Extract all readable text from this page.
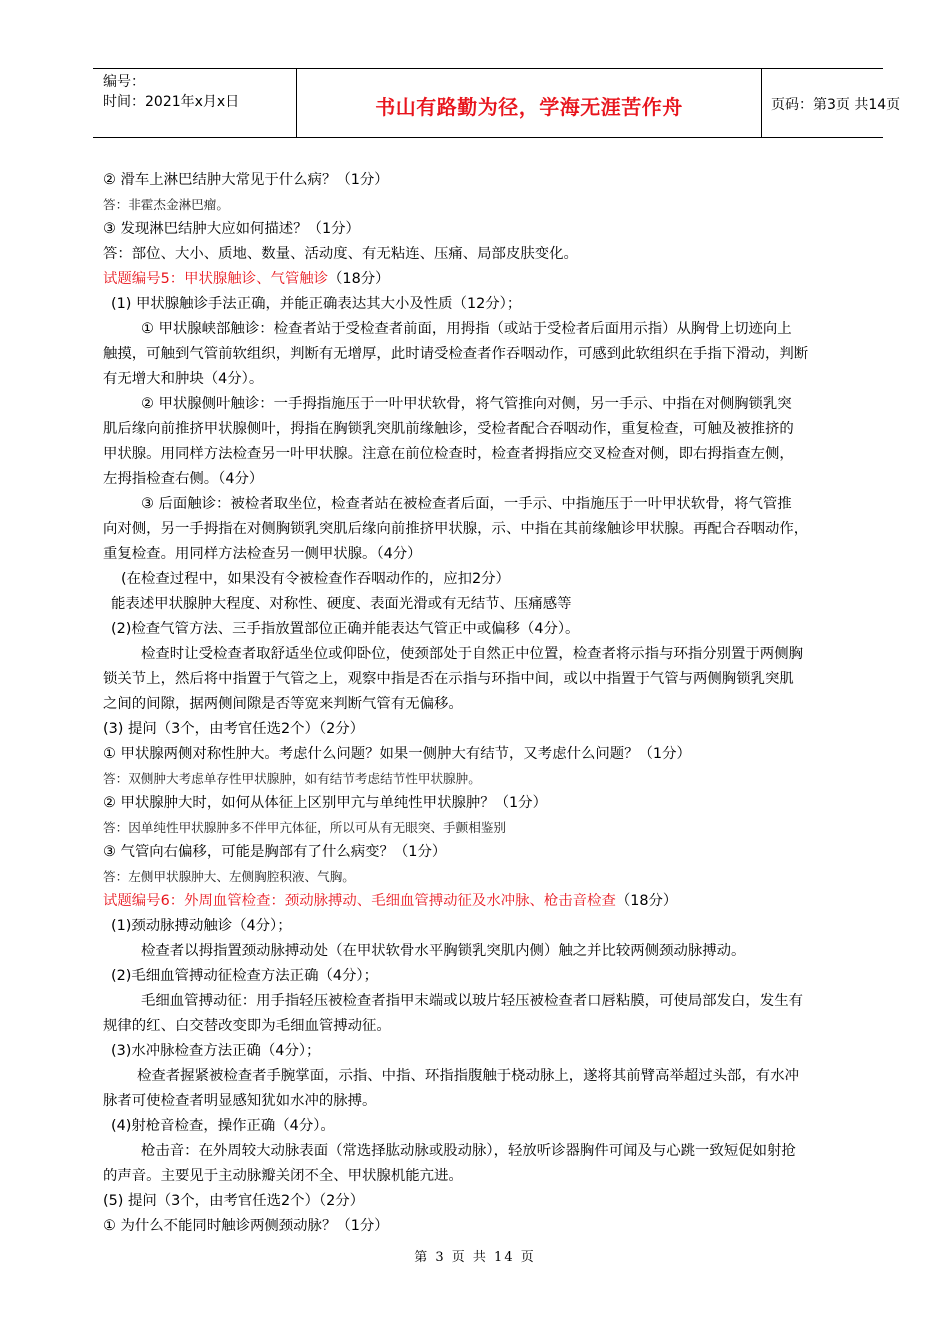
编号：
时间：2021年x月x日	书山有路勤为径，学海无涯苦作舟	页码：第3页 共14页
② 滑车上淋巴结肿大常见于什么病？（1分）
答：非霍杰金淋巴瘤。
③ 发现淋巴结肿大应如何描述？（1分）
答：部位、大小、质地、数量、活动度、有无粘连、压痛、局部皮肤变化。
试题编号5：甲状腺触诊、气管触诊（18分）
(1) 甲状腺触诊手法正确，并能正确表达其大小及性质（12分）；
① 甲状腺峡部触诊：检查者站于受检查者前面，用拇指（或站于受检者后面用示指）从胸骨上切迹向上
触摸，可触到气管前软组织，判断有无增厚，此时请受检查者作吞咽动作，可感到此软组织在手指下滑动，判断
有无增大和肿块（4分）。
② 甲状腺侧叶触诊：一手拇指施压于一叶甲状软骨，将气管推向对侧，另一手示、中指在对侧胸锁乳突
肌后缘向前推挤甲状腺侧叶，拇指在胸锁乳突肌前缘触诊，受检者配合吞咽动作，重复检查，可触及被推挤的
甲状腺。用同样方法检查另一叶甲状腺。注意在前位检查时，检查者拇指应交叉检查对侧，即右拇指查左侧，
左拇指检查右侧。（4分）
③ 后面触诊：被检者取坐位，检查者站在被检查者后面，一手示、中指施压于一叶甲状软骨，将气管推
向对侧，另一手拇指在对侧胸锁乳突肌后缘向前推挤甲状腺，示、中指在其前缘触诊甲状腺。再配合吞咽动作，
重复检查。用同样方法检查另一侧甲状腺。（4分）
(在检查过程中，如果没有令被检查作吞咽动作的，应扣2分）
能表述甲状腺肿大程度、对称性、硬度、表面光滑或有无结节、压痛感等
(2)检查气管方法、三手指放置部位正确并能表达气管正中或偏移（4分）。
检查时让受检查者取舒适坐位或仰卧位，使颈部处于自然正中位置，检查者将示指与环指分别置于两侧胸
锁关节上，然后将中指置于气管之上，观察中指是否在示指与环指中间，或以中指置于气管与两侧胸锁乳突肌
之间的间隙，据两侧间隙是否等宽来判断气管有无偏移。
(3) 提问（3个，由考官任选2个）（2分）
① 甲状腺两侧对称性肿大。考虑什么问题？如果一侧肿大有结节，又考虑什么问题？（1分）
答：双侧肿大考虑单存性甲状腺肿，如有结节考虑结节性甲状腺肿。
② 甲状腺肿大时，如何从体征上区别甲亢与单纯性甲状腺肿？（1分）
答：因单纯性甲状腺肿多不伴甲亢体征，所以可从有无眼突、手颤相鉴别
③ 气管向右偏移，可能是胸部有了什么病变？（1分）
答：左侧甲状腺肿大、左侧胸腔积液、气胸。
试题编号6：外周血管检查：颈动脉搏动、毛细血管搏动征及水冲脉、枪击音检查（18分）
(1)颈动脉搏动触诊（4分）；
检查者以拇指置颈动脉搏动处（在甲状软骨水平胸锁乳突肌内侧）触之并比较两侧颈动脉搏动。
(2)毛细血管搏动征检查方法正确（4分）；
毛细血管搏动征：用手指轻压被检查者指甲末端或以玻片轻压被检查者口唇粘膜，可使局部发白，发生有
规律的红、白交替改变即为毛细血管搏动征。
(3)水冲脉检查方法正确（4分）；
检查者握紧被检查者手腕掌面，示指、中指、环指指腹触于桡动脉上，遂将其前臂高举超过头部，有水冲
脉者可使检查者明显感知犹如水冲的脉搏。
(4)射枪音检查，操作正确（4分）。
枪击音：在外周较大动脉表面（常选择肱动脉或股动脉），轻放听诊器胸件可闻及与心跳一致短促如射抢
的声音。主要见于主动脉瓣关闭不全、甲状腺机能亢进。
(5) 提问（3个，由考官任选2个）（2分）
① 为什么不能同时触诊两侧颈动脉？（1分）
第 3 页 共 14 页
